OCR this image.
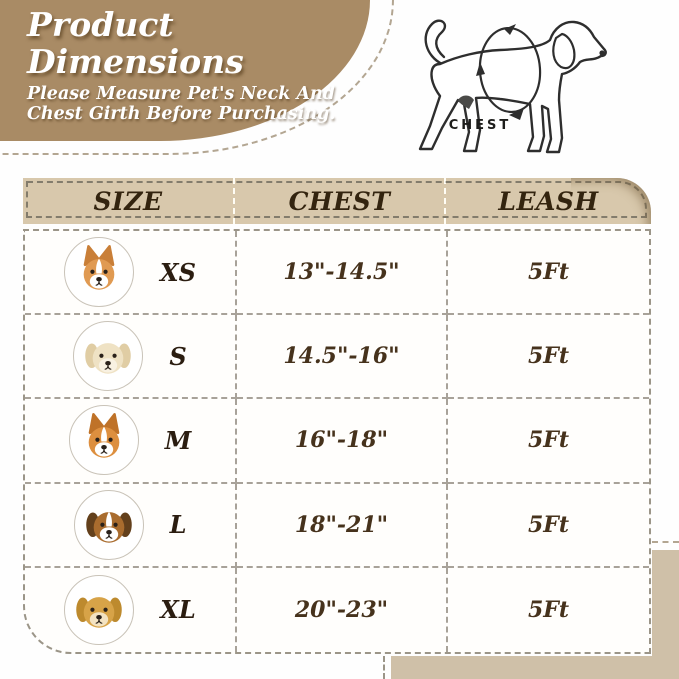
Product
Dimensions
Please Measure Pet's Neck And
Chest Girth Before Purchasing.
CHEST
SIZE	CHEST	LEASH
XS	13"-14.5"	5Ft
S	14.5"-16"	5Ft
M	16"-18"	5Ft
L	18"-21"	5Ft
XL	20"-23"	5Ft
